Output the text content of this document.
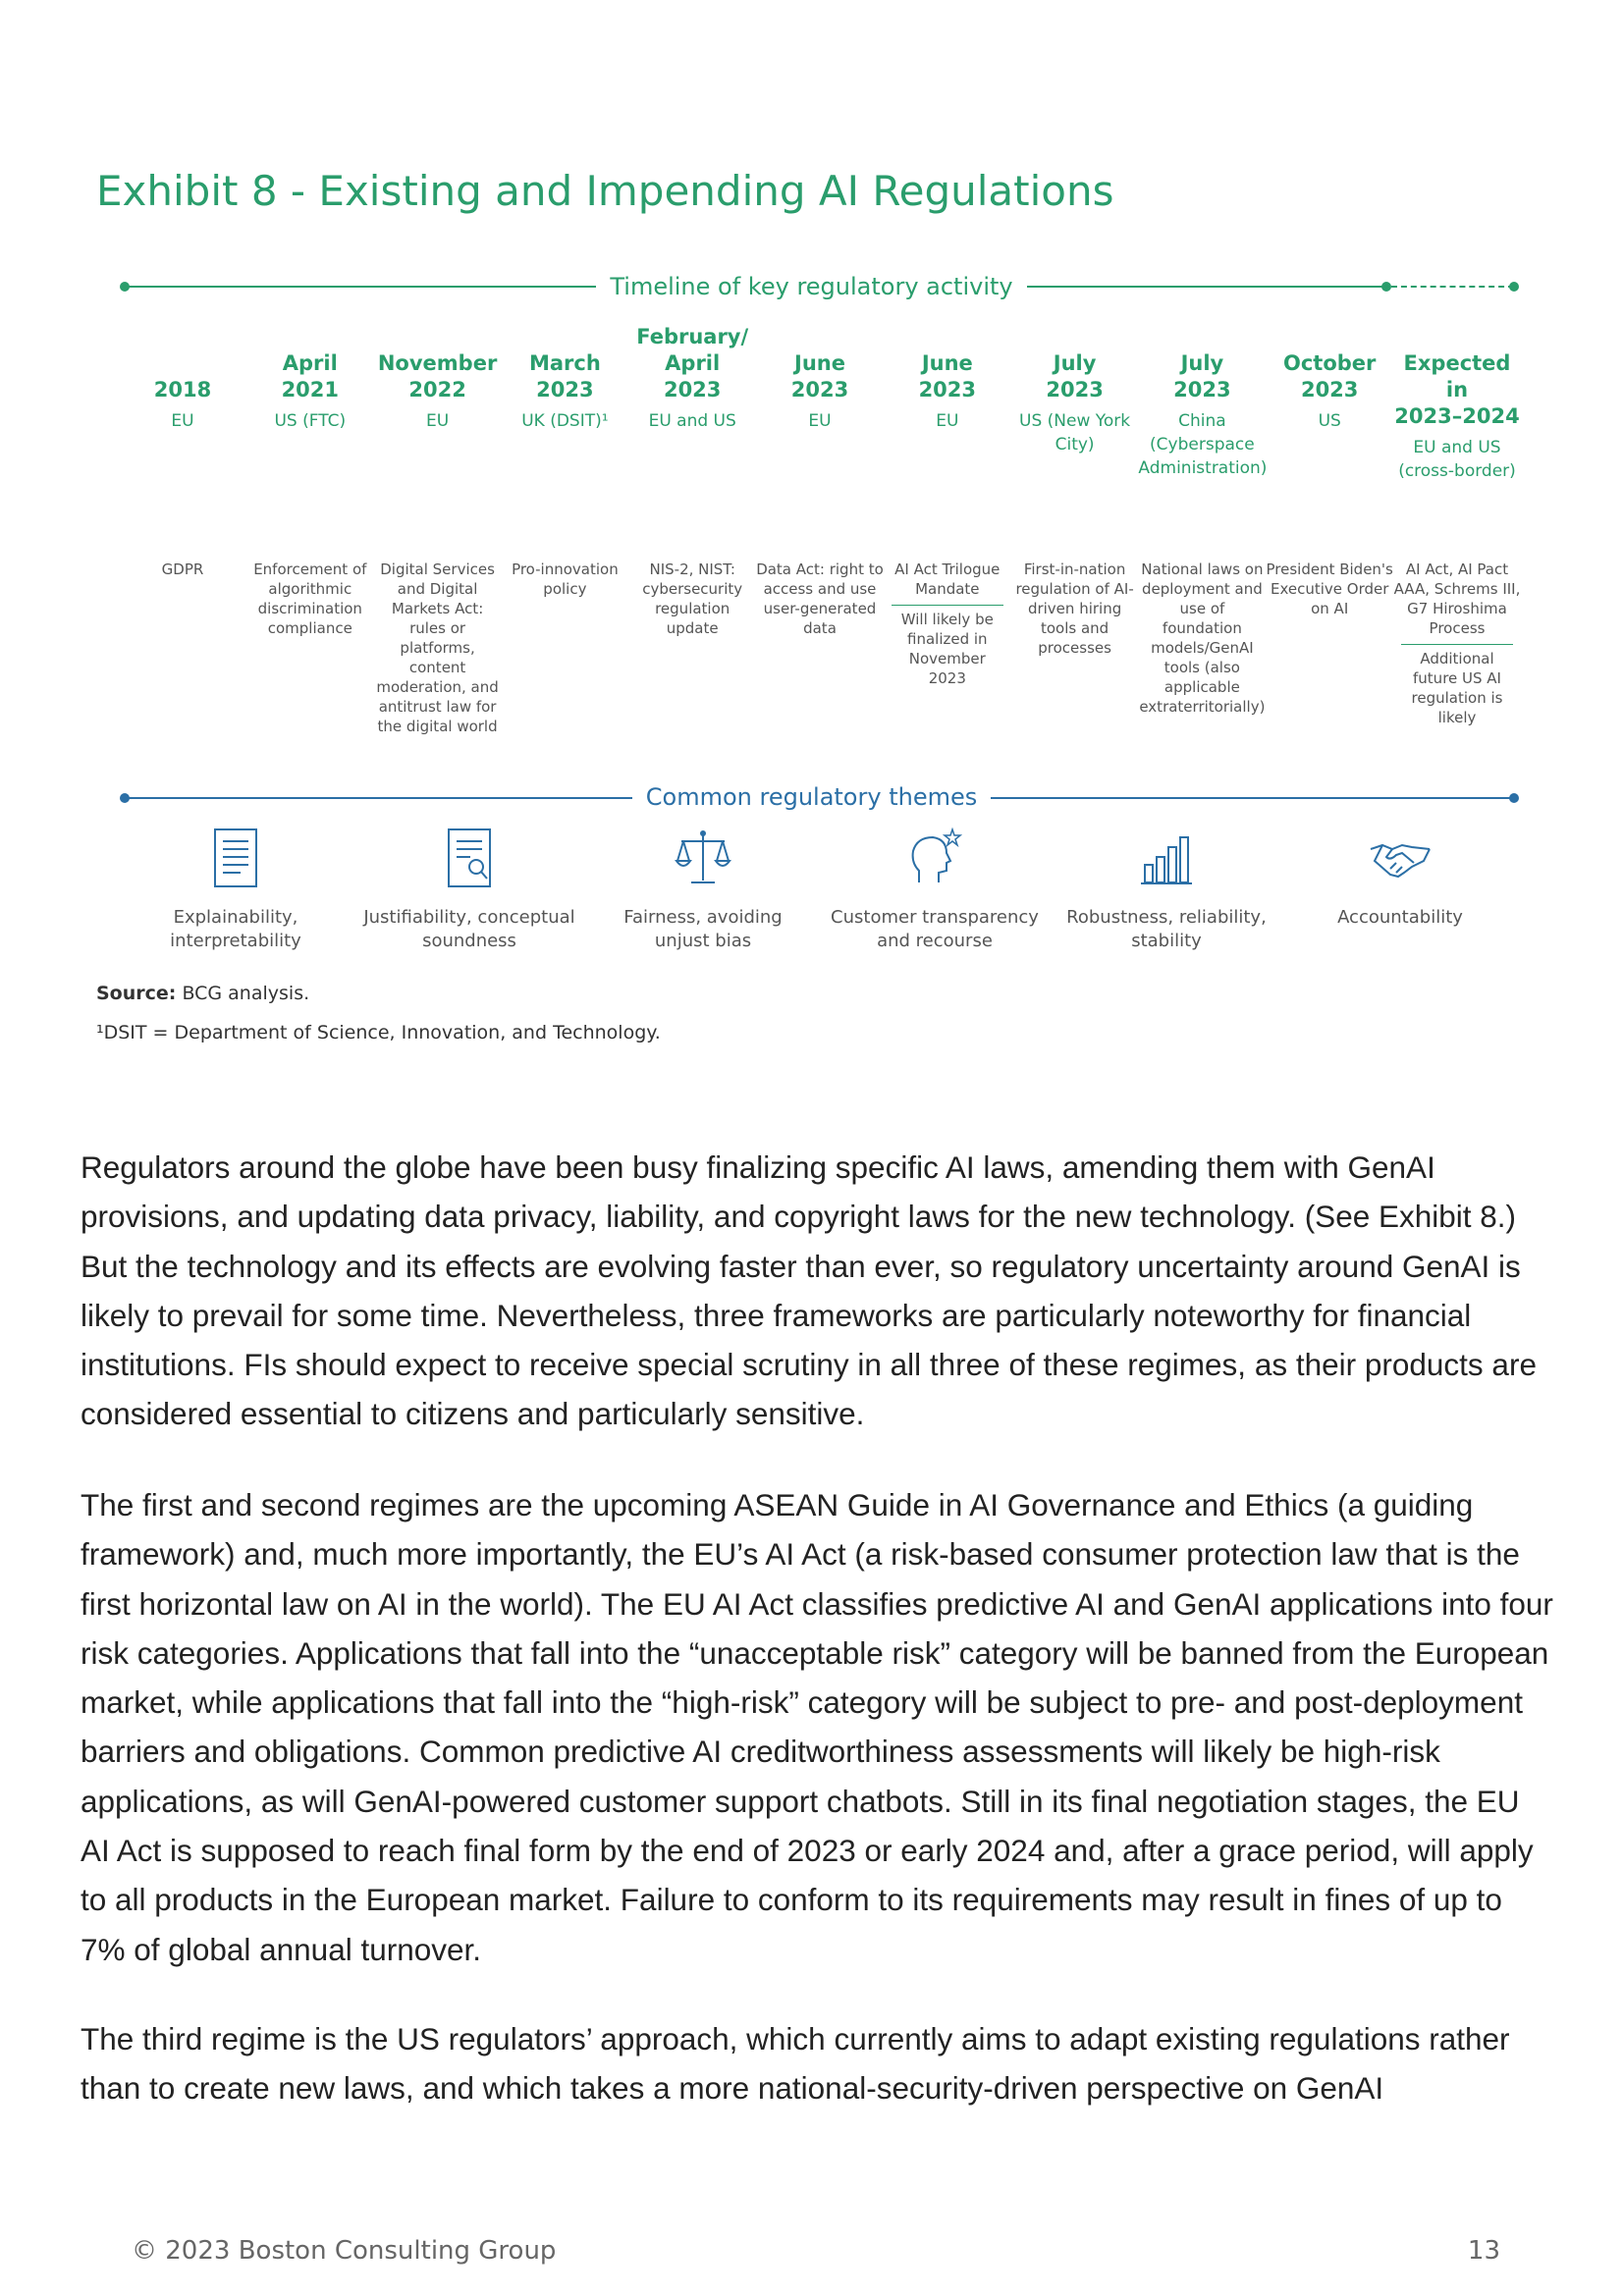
Exhibit 8 - Existing and Impending AI Regulations
Timeline of key regulatory activity
2018
EU
GDPR
April
2021
US (FTC)
Enforcement of algorithmic discrimination compliance
November
2022
EU
Digital Services and Digital Markets Act: rules or platforms, content moderation, and antitrust law for the digital world
March
2023
UK (DSIT)¹
Pro-innovation policy
February/
April
2023
EU and US
NIS-2, NIST: cybersecurity regulation update
June
2023
EU
Data Act: right to access and use user-generated data
June
2023
EU
AI Act Trilogue Mandate
Will likely be finalized in November 2023
July
2023
US (New York City)
First-in-nation regulation of AI-driven hiring tools and processes
July
2023
China (Cyberspace Administration)
National laws on deployment and use of foundation models/GenAI tools (also applicable extraterritorially)
October
2023
US
President Biden's Executive Order on AI
Expected in
2023–2024
EU and US (cross-border)
AI Act, AI Pact AAA, Schrems III, G7 Hiroshima Process
Additional future US AI regulation is likely
Common regulatory themes
Explainability, interpretability
Justifiability, conceptual soundness
Fairness, avoiding unjust bias
Customer transparency and recourse
Robustness, reliability, stability
Accountability
Source: BCG analysis.
¹DSIT = Department of Science, Innovation, and Technology.

Regulators around the globe have been busy finalizing specific AI laws, amending them with GenAI provisions, and updating data privacy, liability, and copyright laws for the new technology. (See Exhibit 8.) But the technology and its effects are evolving faster than ever, so regulatory uncertainty around GenAI is likely to prevail for some time. Nevertheless, three frameworks are particularly noteworthy for financial institutions. FIs should expect to receive special scrutiny in all three of these regimes, as their products are considered essential to citizens and particularly sensitive.

The first and second regimes are the upcoming ASEAN Guide in AI Governance and Ethics (a guiding framework) and, much more importantly, the EU’s AI Act (a risk-based consumer protection law that is the first horizontal law on AI in the world). The EU AI Act classifies predictive AI and GenAI applications into four risk categories. Applications that fall into the “unacceptable risk” category will be banned from the European market, while applications that fall into the “high-risk” category will be subject to pre- and post-deployment barriers and obligations. Common predictive AI creditworthiness assessments will likely be high-risk applications, as will GenAI-powered customer support chatbots. Still in its final negotiation stages, the EU AI Act is supposed to reach final form by the end of 2023 or early 2024 and, after a grace period, will apply to all products in the European market. Failure to conform to its requirements may result in fines of up to 7% of global annual turnover.

The third regime is the US regulators’ approach, which currently aims to adapt existing regulations rather than to create new laws, and which takes a more national-security-driven perspective on GenAI

© 2023 Boston Consulting Group	13
